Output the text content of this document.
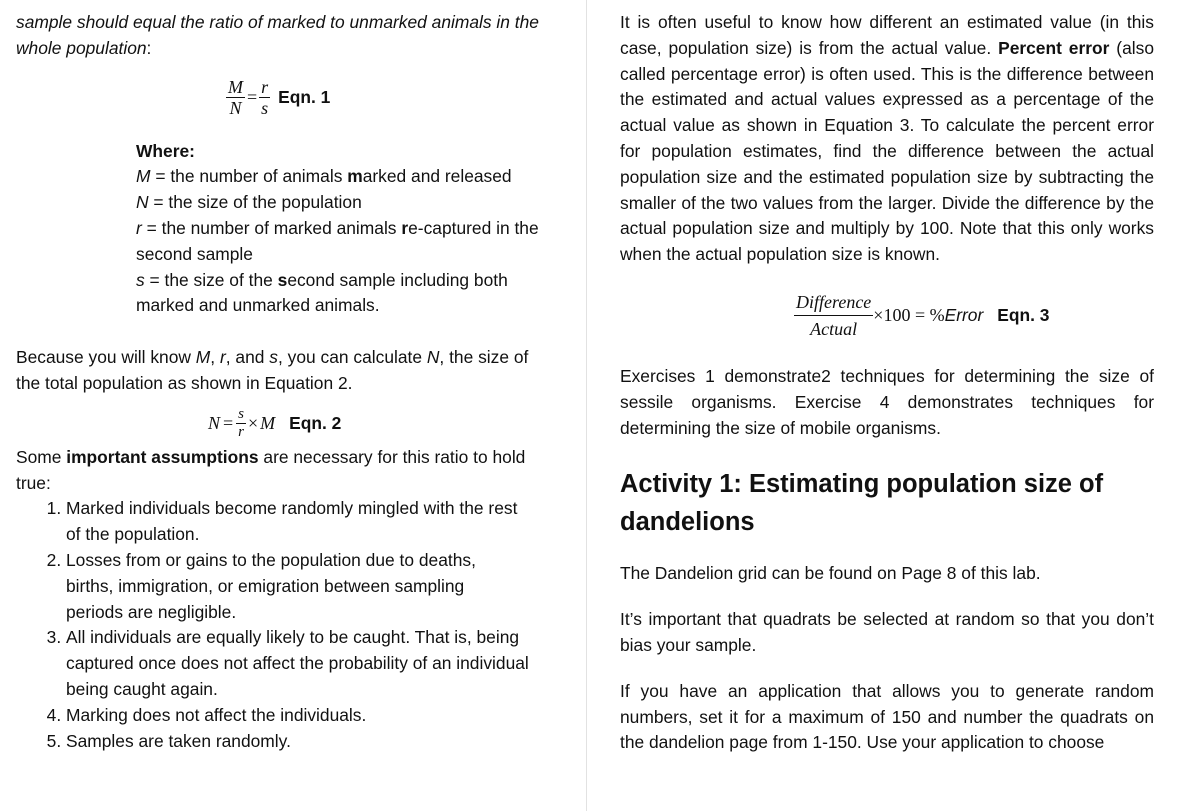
sample should equal the ratio of marked to unmarked animals in the whole population:

$\frac{M}{N} = \frac{r}{s}$ Eqn. 1

Where:

M = the number of animals marked and released

N = the size of the population

r = the number of marked animals re-captured in the second sample

s = the size of the second sample including both marked and unmarked animals.

Because you will know M, r, and s, you can calculate N, the size of the total population as shown in Equation 2.

$N = \frac{s}{r} \times M$ Eqn. 2

Some important assumptions are necessary for this ratio to hold true:

1. Marked individuals become randomly mingled with the rest of the population.
2. Losses from or gains to the population due to deaths, births, immigration, or emigration between sampling periods are negligible.
3. All individuals are equally likely to be caught. That is, being captured once does not affect the probability of an individual being caught again.
4. Marking does not affect the individuals.
5. Samples are taken randomly.

It is often useful to know how different an estimated value (in this case, population size) is from the actual value. Percent error (also called percentage error) is often used. This is the difference between the estimated and actual values expressed as a percentage of the actual value as shown in Equation 3. To calculate the percent error for population estimates, find the difference between the actual population size and the estimated population size by subtracting the smaller of the two values from the larger. Divide the difference by the actual population size and multiply by 100. Note that this only works when the actual population size is known.

$\frac{\text{Difference}}{\text{Actual}} \times 100$ = % Error Eqn. 3

Exercises 1 demonstrate2 techniques for determining the size of sessile organisms. Exercise 4 demonstrates techniques for determining the size of mobile organisms.

Activity 1: Estimating population size of dandelions

The Dandelion grid can be found on Page 8 of this lab.

It’s important that quadrats be selected at random so that you don’t bias your sample.

If you have an application that allows you to generate random numbers, set it for a maximum of 150 and number the quadrats on the dandelion page from 1-150. Use your application to choose
